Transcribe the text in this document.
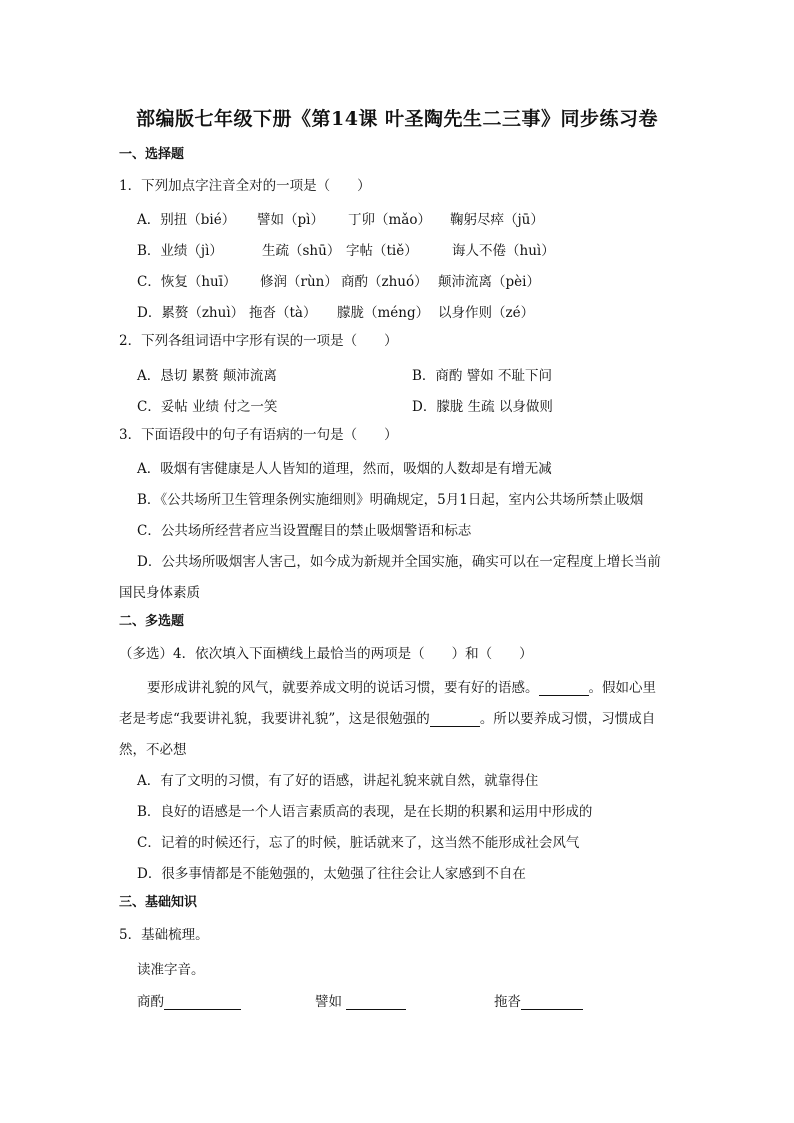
部编版七年级下册《第14课 叶圣陶先生二三事》同步练习卷
一、选择题
1．下列加点字注音全对的一项是（　　）
A．别扭（bié） 譬如（pì） 丁卯（mǎo） 鞠躬尽瘁（jū）
B．业绩（jì）	生疏（shū） 字帖（tiě）	诲人不倦（huì）
C．恢复（huī） 修润（rùn） 商酌（zhuó） 颠沛流离（pèi）
D．累赘（zhuì） 拖沓（tà） 朦胧（méng） 以身作则（zé）
2．下列各组词语中字形有误的一项是（　　）
A．恳切 累赘 颠沛流离	B．商酌 譬如 不耻下问
C．妥帖 业绩 付之一笑	D．朦胧 生疏 以身做则
3．下面语段中的句子有语病的一句是（　　）
A．吸烟有害健康是人人皆知的道理，然而，吸烟的人数却是有增无减
B．《公共场所卫生管理条例实施细则》明确规定，5月1日起，室内公共场所禁止吸烟
C．公共场所经营者应当设置醒目的禁止吸烟警语和标志
D．公共场所吸烟害人害己，如今成为新规并全国实施，确实可以在一定程度上增长当前
国民身体素质
二、多选题
（多选）4．依次填入下面横线上最恰当的两项是（　　）和（　　）
要形成讲礼貌的风气，就要养成文明的说话习惯，要有好的语感。	。假如心里
老是考虑“我要讲礼貌，我要讲礼貌”，这是很勉强的	。所以要养成习惯，习惯成自
然，不必想
A．有了文明的习惯，有了好的语感，讲起礼貌来就自然，就靠得住
B．良好的语感是一个人语言素质高的表现，是在长期的积累和运用中形成的
C．记着的时候还行，忘了的时候，脏话就来了，这当然不能形成社会风气
D．很多事情都是不能勉强的，太勉强了往往会让人家感到不自在
三、基础知识
5．基础梳理。
读准字音。
商酌	譬如	拖沓
